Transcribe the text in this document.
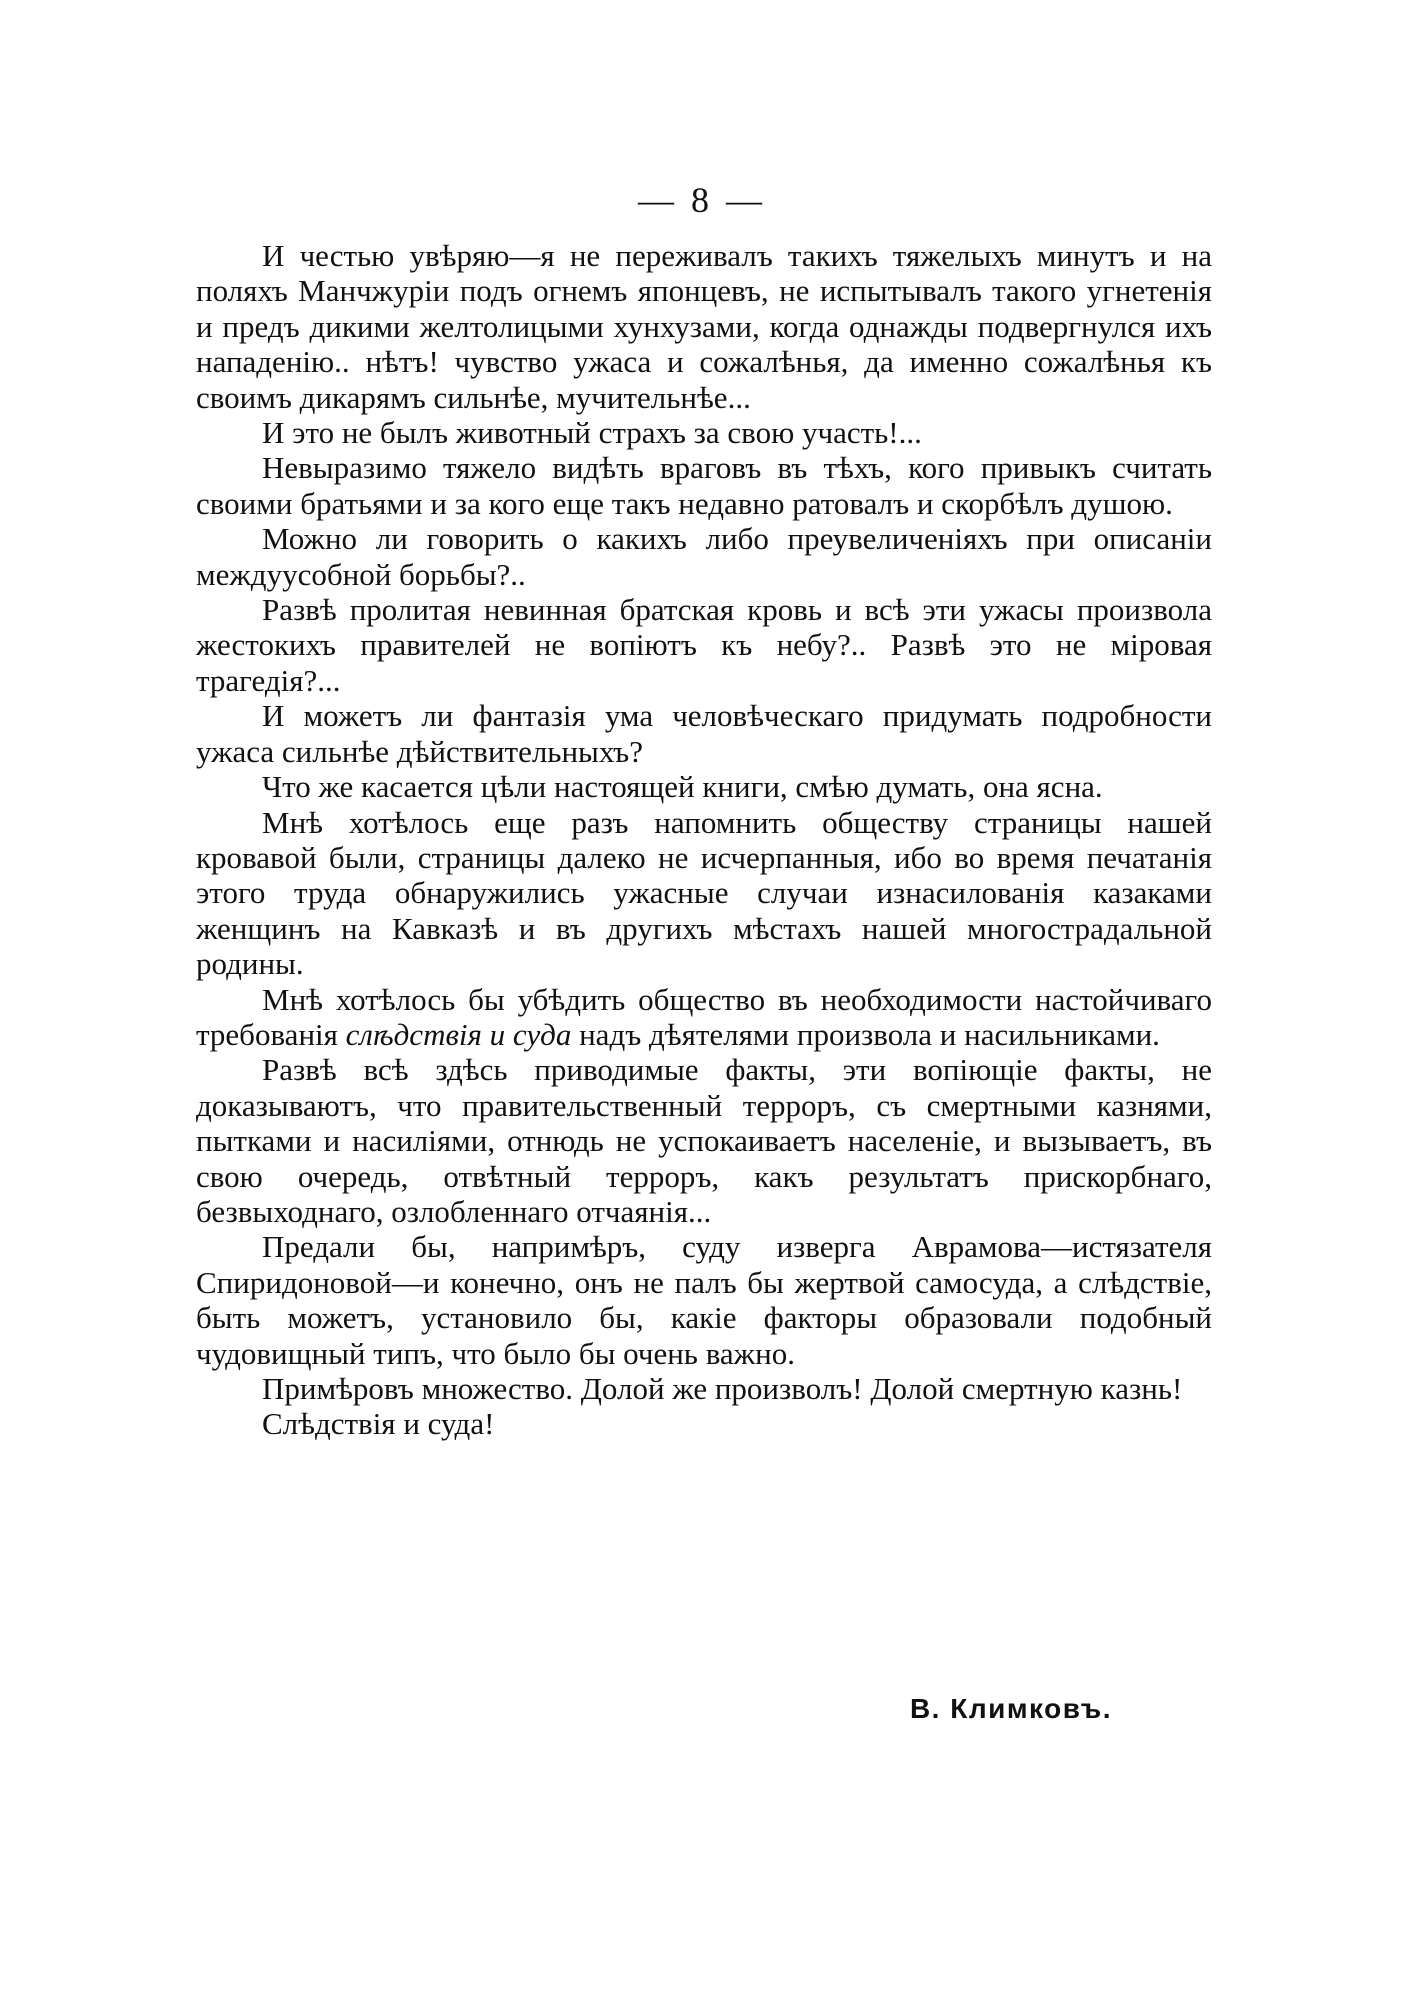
— 8 —

И честью увѣряю—я не переживалъ такихъ тяжелыхъ минутъ и на поляхъ Манчжуріи подъ огнемъ японцевъ, не испытывалъ такого угнетенія и предъ дикими желтолицыми хунхузами, когда однажды подвергнулся ихъ нападенію.. нѣтъ! чувство ужаса и сожалѣнья, да именно сожалѣнья къ своимъ дикарямъ сильнѣе, мучительнѣе...

И это не былъ животный страхъ за свою участь!...

Невыразимо тяжело видѣть враговъ въ тѣхъ, кого привыкъ считать своими братьями и за кого еще такъ недавно ратовалъ и скорбѣлъ душою.

Можно ли говорить о какихъ либо преувеличеніяхъ при описаніи междуусобной борьбы?..

Развѣ пролитая невинная братская кровь и всѣ эти ужасы произвола жестокихъ правителей не вопіютъ къ небу?.. Развѣ это не міровая трагедія?...

И можетъ ли фантазія ума человѣческаго придумать подробности ужаса сильнѣе дѣйствительныхъ?

Что же касается цѣли настоящей книги, смѣю думать, она ясна.

Мнѣ хотѣлось еще разъ напомнить обществу страницы нашей кровавой были, страницы далеко не исчерпанныя, ибо во время печатанія этого труда обнаружились ужасные случаи изнасилованія казаками женщинъ на Кавказѣ и въ другихъ мѣстахъ нашей многострадальной родины.

Мнѣ хотѣлось бы убѣдить общество въ необходимости настойчиваго требованія слѣдствія и суда надъ дѣятелями произвола и насильниками.

Развѣ всѣ здѣсь приводимые факты, эти вопіющіе факты, не доказываютъ, что правительственный терроръ, съ смертными казнями, пытками и насиліями, отнюдь не успокаиваетъ населеніе, и вызываетъ, въ свою очередь, отвѣтный терроръ, какъ результатъ прискорбнаго, безвыходнаго, озлобленнаго отчаянія...

Предали бы, напримѣръ, суду изверга Аврамова—истязателя Спиридоновой—и конечно, онъ не палъ бы жертвой самосуда, а слѣдствіе, быть можетъ, установило бы, какіе факторы образовали подобный чудовищный типъ, что было бы очень важно.

Примѣровъ множество. Долой же произволъ! Долой смертную казнь!

Слѣдствія и суда!

В. Климковъ.
